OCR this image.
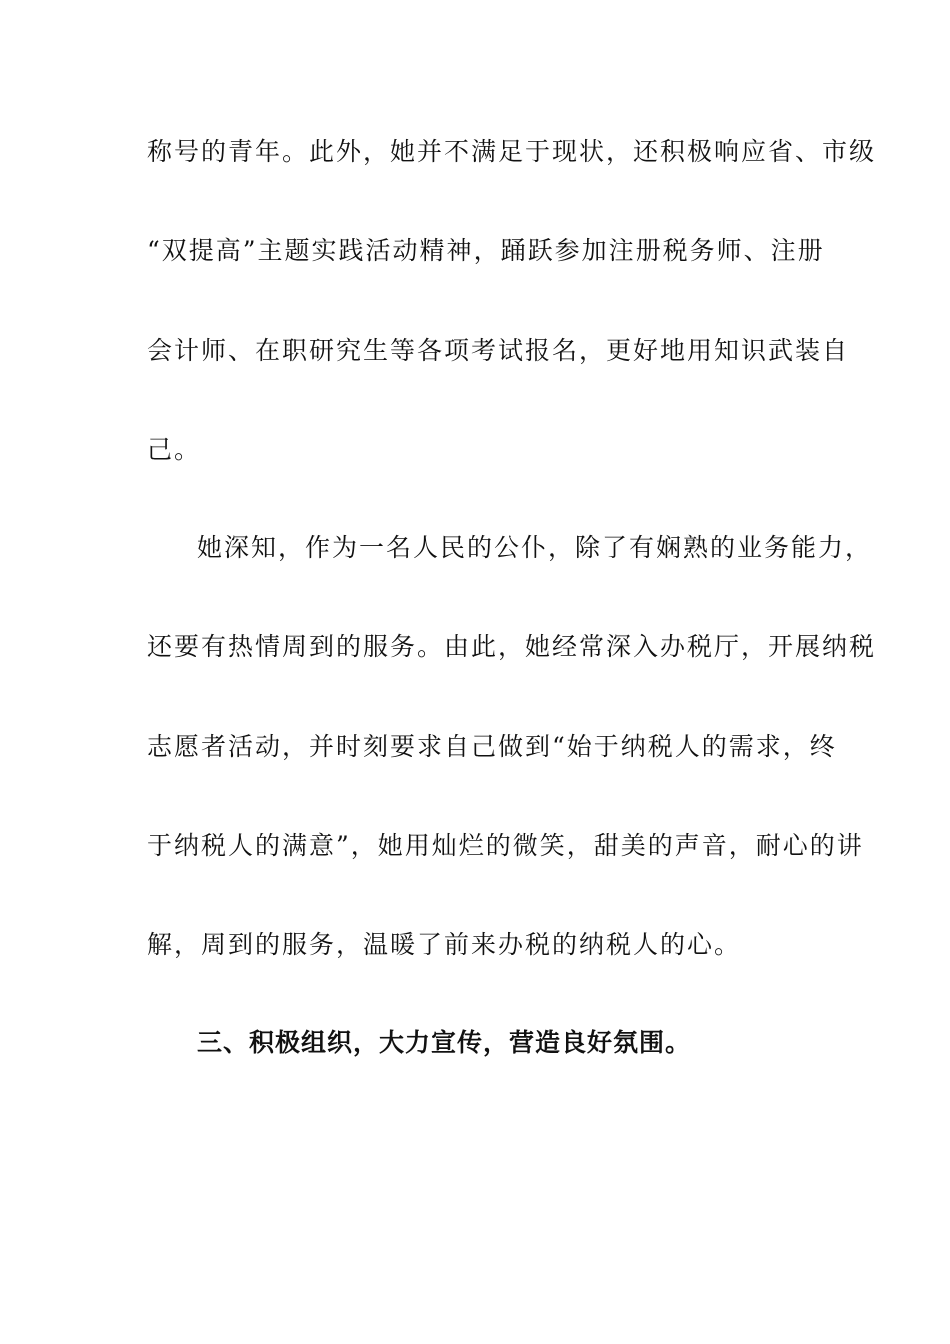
称号的青年。此外，她并不满足于现状，还积极响应省、市级
“双提高”主题实践活动精神，踊跃参加注册税务师、注册
会计师、在职研究生等各项考试报名，更好地用知识武装自
己。
她深知，作为一名人民的公仆，除了有娴熟的业务能力，
还要有热情周到的服务。由此，她经常深入办税厅，开展纳税
志愿者活动，并时刻要求自己做到“始于纳税人的需求，终
于纳税人的满意”，她用灿烂的微笑，甜美的声音，耐心的讲
解，周到的服务，温暖了前来办税的纳税人的心。
三、积极组织，大力宣传，营造良好氛围。
